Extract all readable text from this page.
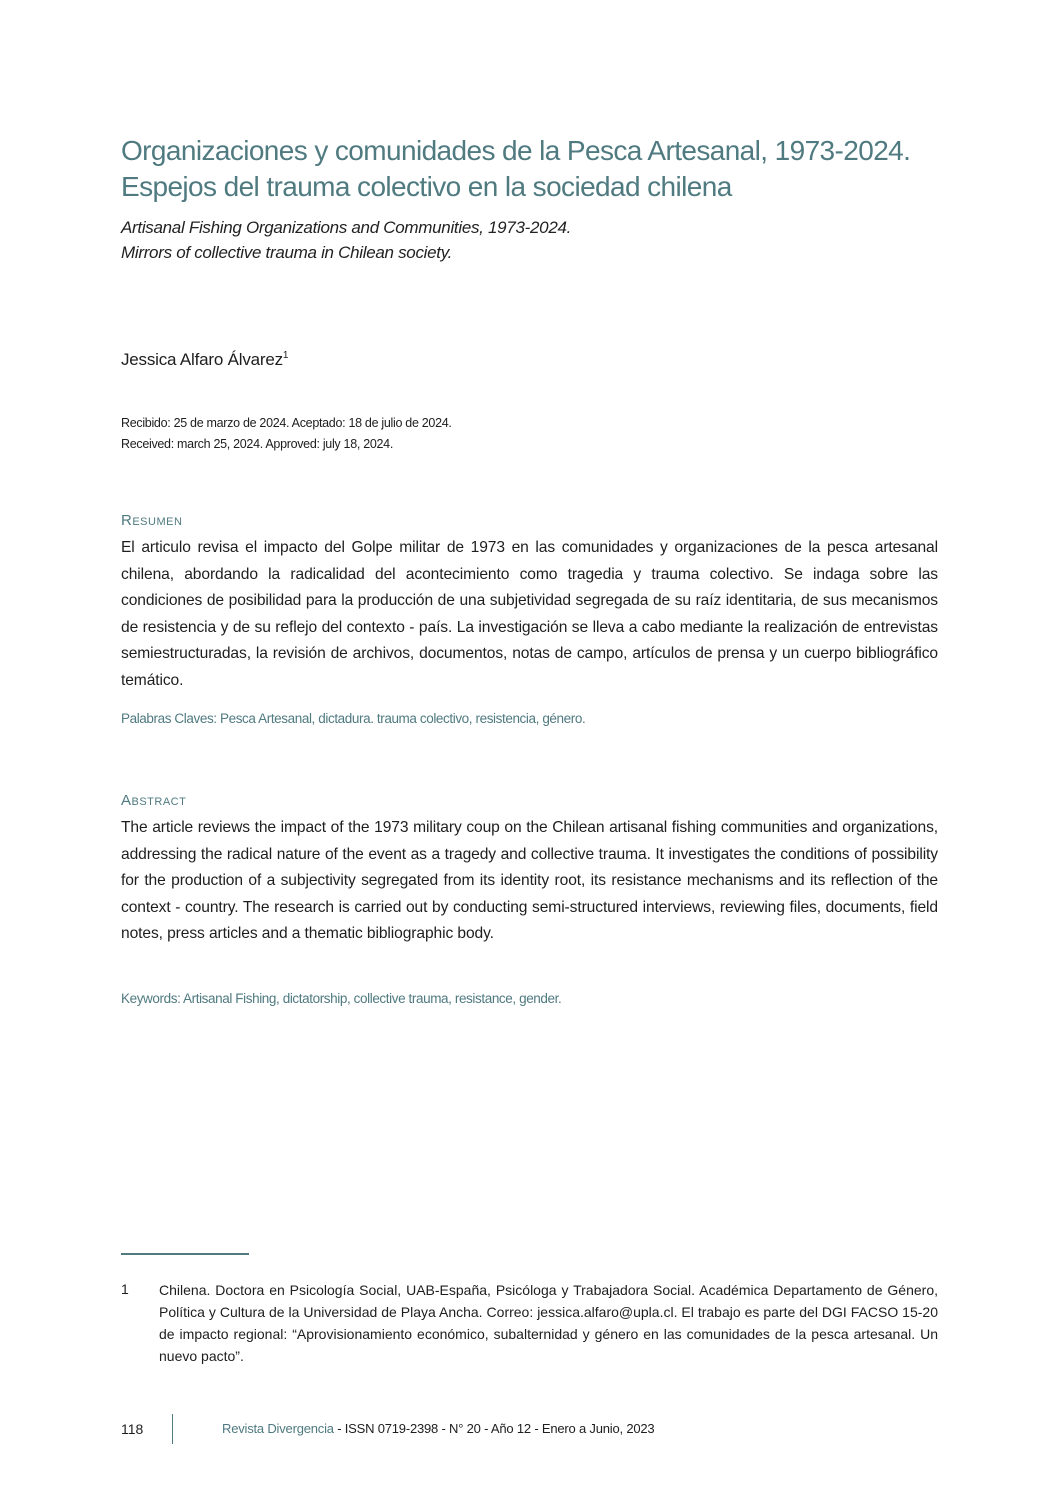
Organizaciones y comunidades de la Pesca Artesanal, 1973-2024.
Espejos del trauma colectivo en la sociedad chilena
Artisanal Fishing Organizations and Communities, 1973-2024.
Mirrors of collective trauma in Chilean society.
Jessica Alfaro Álvarez$^1$
Recibido: 25 de marzo de 2024. Aceptado: 18 de julio de 2024.
Received: march 25, 2024. Approved: july 18, 2024.
Resumen
El articulo revisa el impacto del Golpe militar de 1973 en las comunidades y organizaciones de la pesca artesanal chilena, abordando la radicalidad del acontecimiento como tragedia y trauma colectivo. Se indaga sobre las condiciones de posibilidad para la producción de una subjetividad segregada de su raíz identitaria, de sus mecanismos de resistencia y de su reflejo del contexto - país. La investigación se lleva a cabo mediante la realización de entrevistas semiestructuradas, la revisión de archivos, documentos, notas de campo, artículos de prensa y un cuerpo bibliográfico temático.
Palabras Claves: Pesca Artesanal, dictadura. trauma colectivo, resistencia, género.
Abstract
The article reviews the impact of the 1973 military coup on the Chilean artisanal fishing communities and organizations, addressing the radical nature of the event as a tragedy and collective trauma. It investigates the conditions of possibility for the production of a subjectivity segregated from its identity root, its resistance mechanisms and its reflection of the context - country. The research is carried out by conducting semi-structured interviews, reviewing files, documents, field notes, press articles and a thematic bibliographic body.
Keywords: Artisanal Fishing, dictatorship, collective trauma, resistance, gender.
1 Chilena. Doctora en Psicología Social, UAB-España, Psicóloga y Trabajadora Social. Académica Departamento de Género, Política y Cultura de la Universidad de Playa Ancha. Correo: jessica.alfaro@upla.cl. El trabajo es parte del DGI FACSO 15-20 de impacto regional: “Aprovisionamiento económico, subalternidad y género en las comunidades de la pesca artesanal. Un nuevo pacto”.
118	Revista Divergencia - ISSN 0719-2398 - N° 20 - Año 12 - Enero a Junio, 2023
